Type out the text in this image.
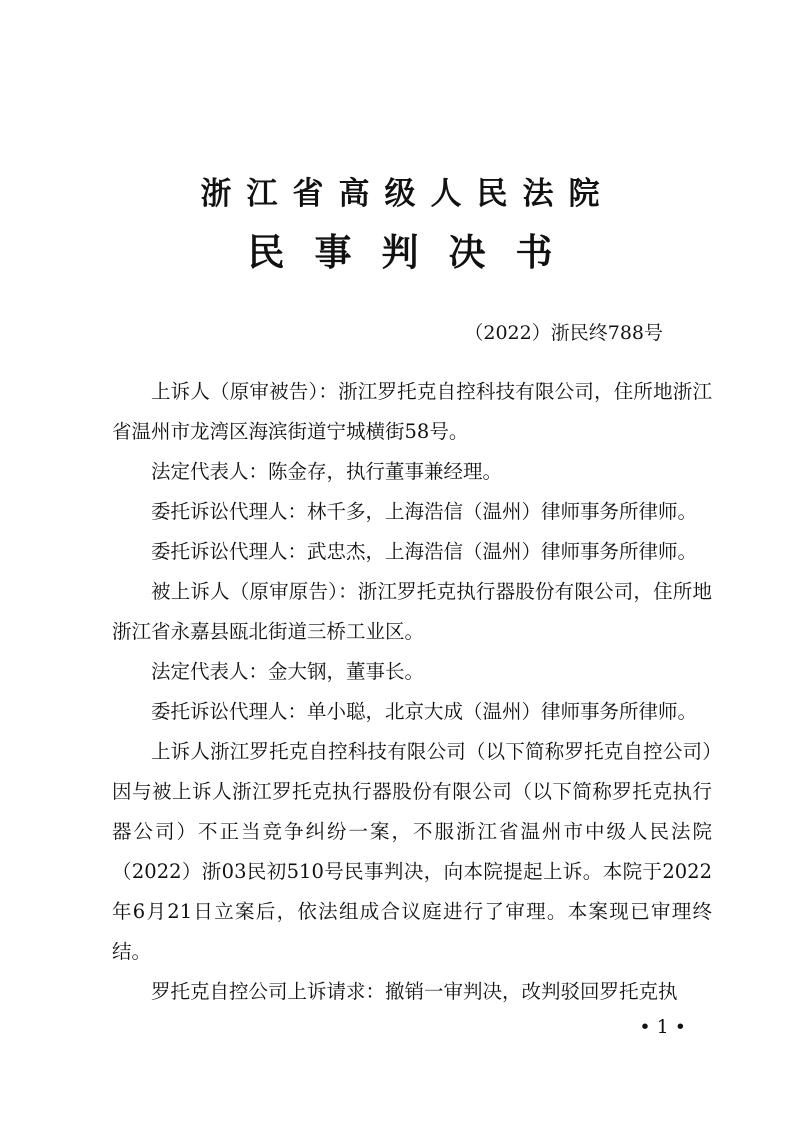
浙江省高级人民法院
民事判决书
（2022）浙民终788号

上诉人（原审被告）：浙江罗托克自控科技有限公司，住所地浙江省温州市龙湾区海滨街道宁城横街58号。

法定代表人：陈金存，执行董事兼经理。

委托诉讼代理人：林千多，上海浩信（温州）律师事务所律师。

委托诉讼代理人：武忠杰，上海浩信（温州）律师事务所律师。

被上诉人（原审原告）：浙江罗托克执行器股份有限公司，住所地浙江省永嘉县瓯北街道三桥工业区。

法定代表人：金大钢，董事长。

委托诉讼代理人：单小聪，北京大成（温州）律师事务所律师。

上诉人浙江罗托克自控科技有限公司（以下简称罗托克自控公司）因与被上诉人浙江罗托克执行器股份有限公司（以下简称罗托克执行器公司）不正当竞争纠纷一案，不服浙江省温州市中级人民法院（2022）浙03民初510号民事判决，向本院提起上诉。本院于2022年6月21日立案后，依法组成合议庭进行了审理。本案现已审理终结。

罗托克自控公司上诉请求：撤销一审判决，改判驳回罗托克执

• 1 •
